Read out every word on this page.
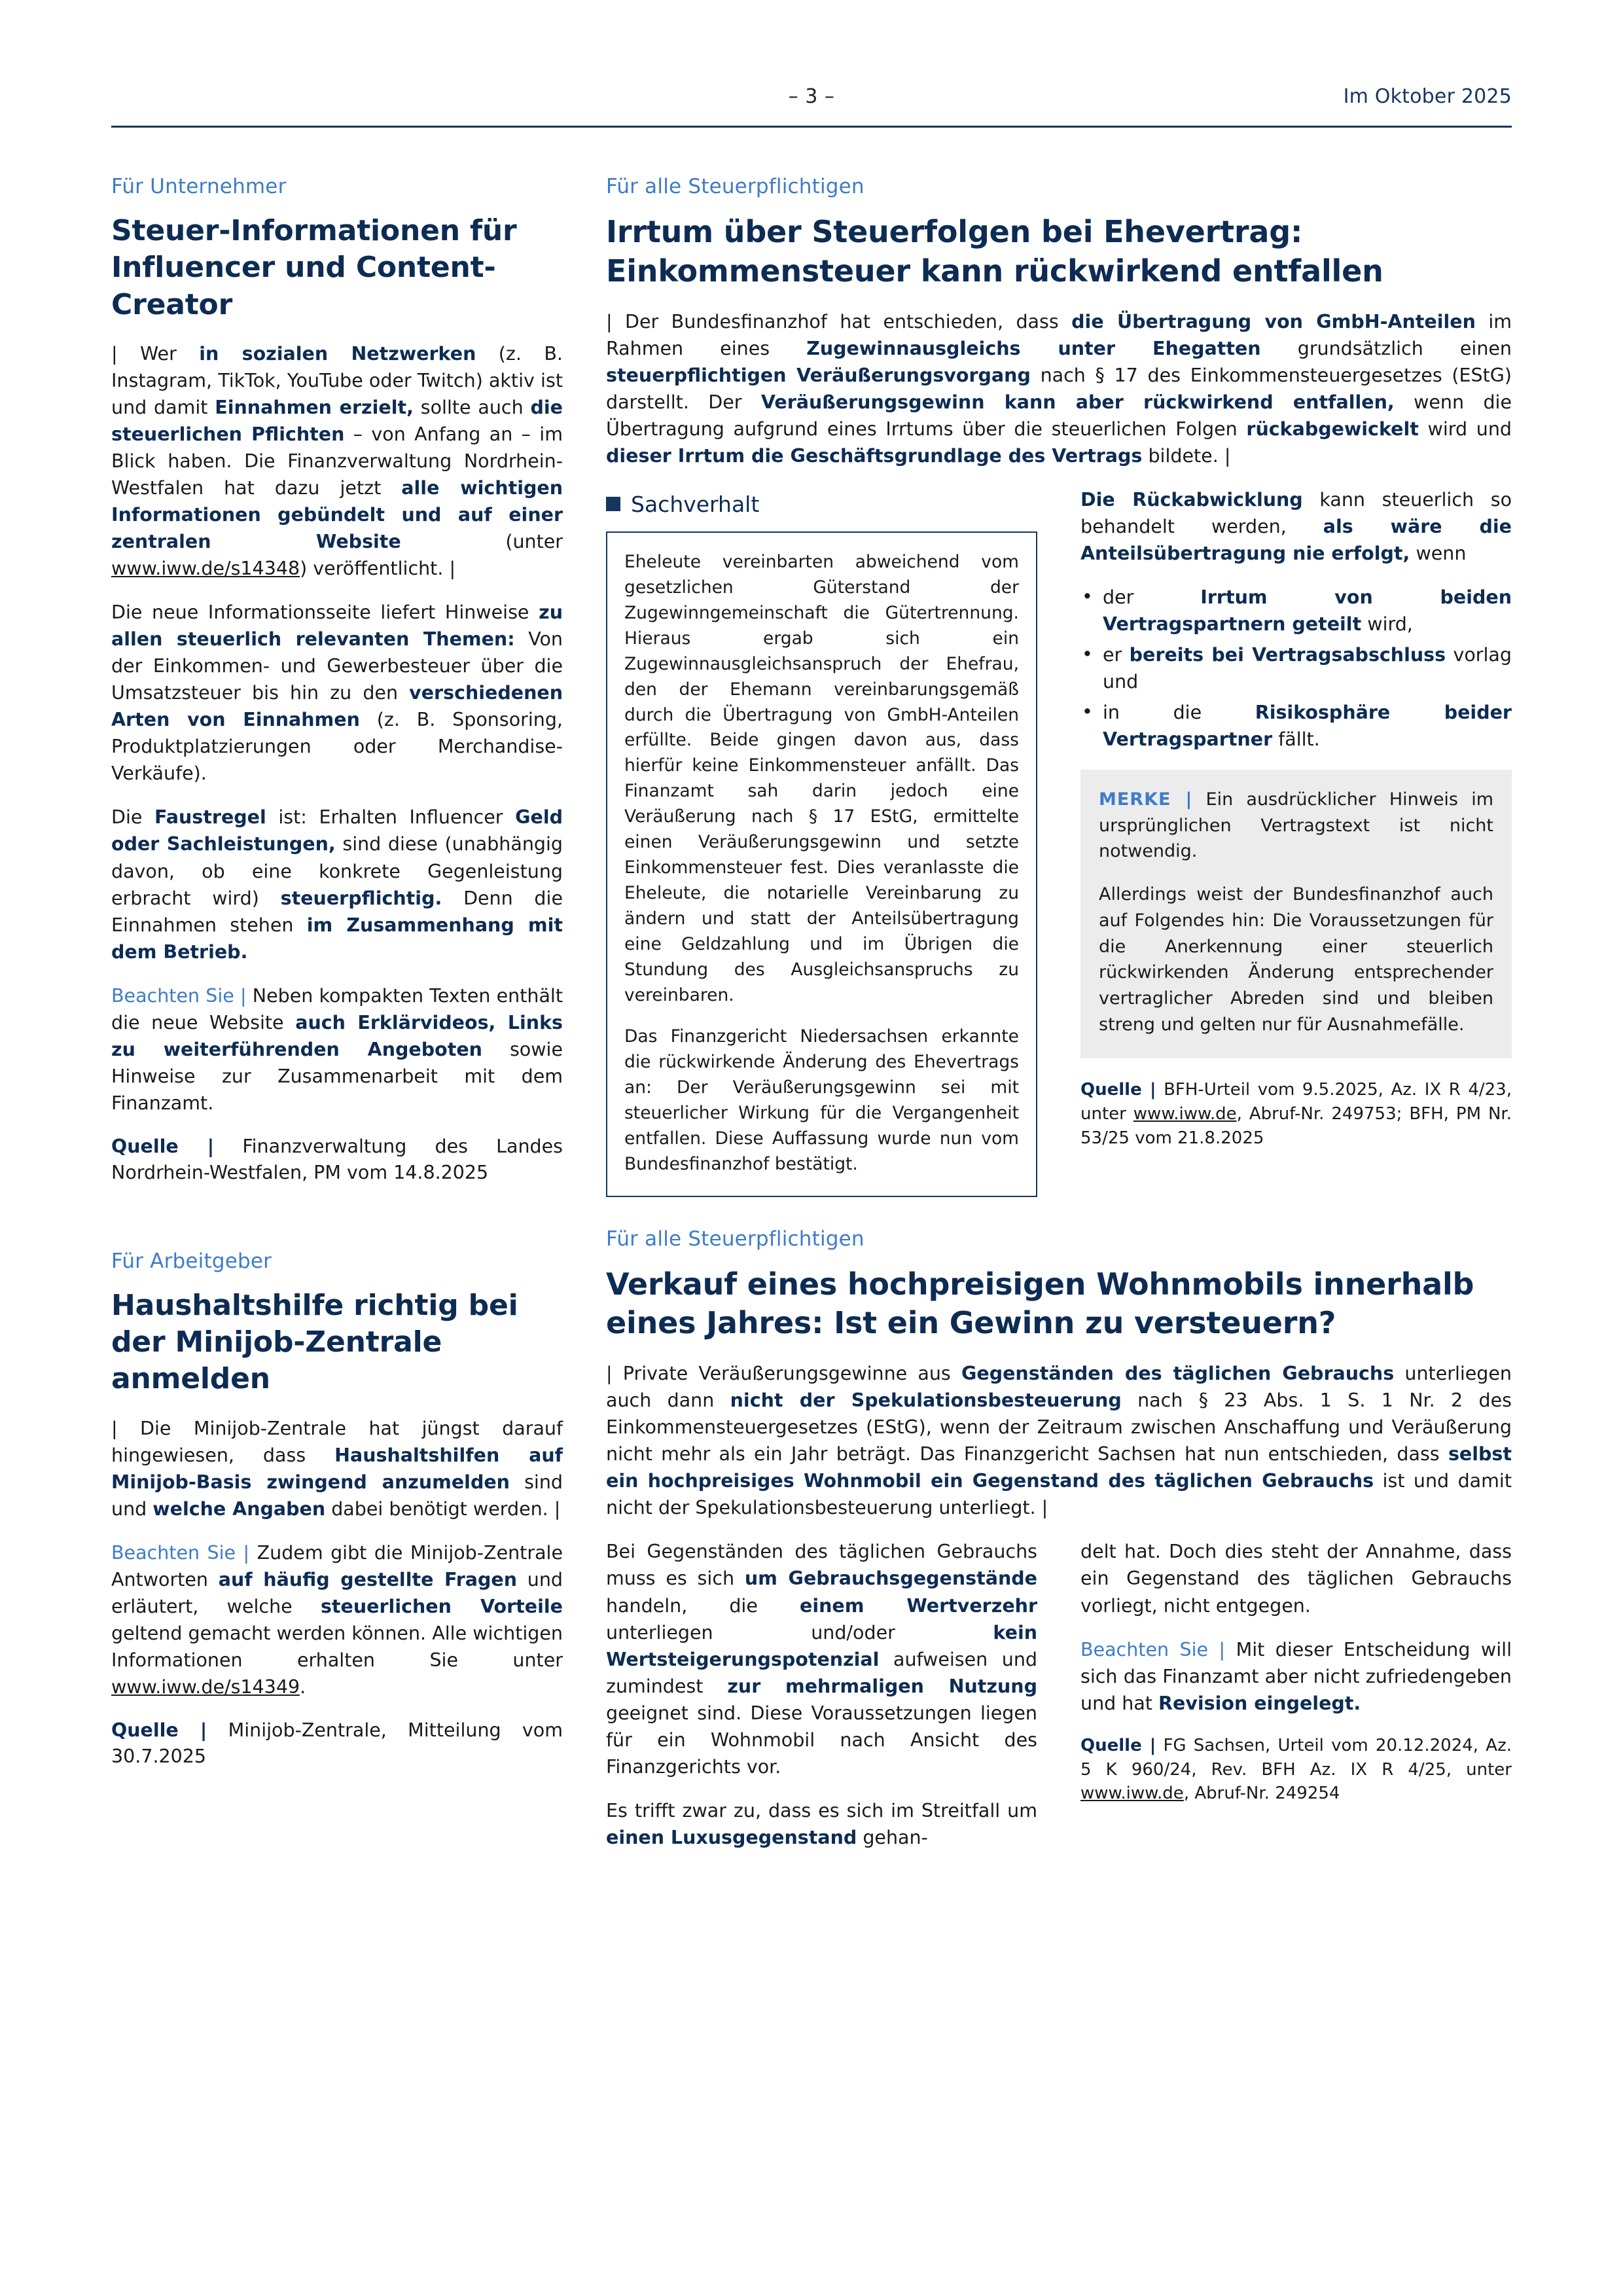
– 3 –	Im Oktober 2025
Für Unternehmer
Steuer-Informationen für Influencer und Content-Creator

| Wer in sozialen Netzwerken (z. B. Instagram, TikTok, YouTube oder Twitch) aktiv ist und damit Einnahmen erzielt, sollte auch die steuerlichen Pflichten – von Anfang an – im Blick haben. Die Finanzverwaltung Nordrhein-Westfalen hat dazu jetzt alle wichtigen Informationen gebündelt und auf einer zentralen Website (unter www.iww.de/s14348) veröffentlicht. |

Die neue Informationsseite liefert Hinweise zu allen steuerlich relevanten Themen: Von der Einkommen- und Gewerbesteuer über die Umsatzsteuer bis hin zu den verschiedenen Arten von Einnahmen (z. B. Sponsoring, Produktplatzierungen oder Merchandise-Verkäufe).

Die Faustregel ist: Erhalten Influencer Geld oder Sachleistungen, sind diese (unabhängig davon, ob eine konkrete Gegenleistung erbracht wird) steuerpflichtig. Denn die Einnahmen stehen im Zusammenhang mit dem Betrieb.

Beachten Sie | Neben kompakten Texten enthält die neue Website auch Erklärvideos, Links zu weiterführenden Angeboten sowie Hinweise zur Zusammenarbeit mit dem Finanzamt.

Quelle | Finanzverwaltung des Landes Nordrhein-Westfalen, PM vom 14.8.2025

Für Arbeitgeber
Haushaltshilfe richtig bei der Minijob-Zentrale anmelden

| Die Minijob-Zentrale hat jüngst darauf hingewiesen, dass Haushaltshilfen auf Minijob-Basis zwingend anzumelden sind und welche Angaben dabei benötigt werden. |

Beachten Sie | Zudem gibt die Minijob-Zentrale Antworten auf häufig gestellte Fragen und erläutert, welche steuerlichen Vorteile geltend gemacht werden können. Alle wichtigen Informationen erhalten Sie unter www.iww.de/s14349.

Quelle | Minijob-Zentrale, Mitteilung vom 30.7.2025

Für alle Steuerpflichtigen
Irrtum über Steuerfolgen bei Ehevertrag: Einkommensteuer kann rückwirkend entfallen

| Der Bundesfinanzhof hat entschieden, dass die Übertragung von GmbH-Anteilen im Rahmen eines Zugewinnausgleichs unter Ehegatten grundsätzlich einen steuerpflichtigen Veräußerungsvorgang nach § 17 des Einkommensteuergesetzes (EStG) darstellt. Der Veräußerungsgewinn kann aber rückwirkend entfallen, wenn die Übertragung aufgrund eines Irrtums über die steuerlichen Folgen rückabgewickelt wird und dieser Irrtum die Geschäftsgrundlage des Vertrags bildete. |

Sachverhalt

Eheleute vereinbarten abweichend vom gesetzlichen Güterstand der Zugewinngemeinschaft die Gütertrennung. Hieraus ergab sich ein Zugewinnausgleichsanspruch der Ehefrau, den der Ehemann vereinbarungsgemäß durch die Übertragung von GmbH-Anteilen erfüllte. Beide gingen davon aus, dass hierfür keine Einkommensteuer anfällt. Das Finanzamt sah darin jedoch eine Veräußerung nach § 17 EStG, ermittelte einen Veräußerungsgewinn und setzte Einkommensteuer fest. Dies veranlasste die Eheleute, die notarielle Vereinbarung zu ändern und statt der Anteilsübertragung eine Geldzahlung und im Übrigen die Stundung des Ausgleichsanspruchs zu vereinbaren.

Das Finanzgericht Niedersachsen erkannte die rückwirkende Änderung des Ehevertrags an: Der Veräußerungsgewinn sei mit steuerlicher Wirkung für die Vergangenheit entfallen. Diese Auffassung wurde nun vom Bundesfinanzhof bestätigt.

Die Rückabwicklung kann steuerlich so behandelt werden, als wäre die Anteilsübertragung nie erfolgt, wenn

• der Irrtum von beiden Vertragspartnern geteilt wird,
• er bereits bei Vertragsabschluss vorlag und
• in die Risikosphäre beider Vertragspartner fällt.

MERKE | Ein ausdrücklicher Hinweis im ursprünglichen Vertragstext ist nicht notwendig.

Allerdings weist der Bundesfinanzhof auch auf Folgendes hin: Die Voraussetzungen für die Anerkennung einer steuerlich rückwirkenden Änderung entsprechender vertraglicher Abreden sind und bleiben streng und gelten nur für Ausnahmefälle.

Quelle | BFH-Urteil vom 9.5.2025, Az. IX R 4/23, unter www.iww.de, Abruf-Nr. 249753; BFH, PM Nr. 53/25 vom 21.8.2025

Für alle Steuerpflichtigen
Verkauf eines hochpreisigen Wohnmobils innerhalb eines Jahres: Ist ein Gewinn zu versteuern?

| Private Veräußerungsgewinne aus Gegenständen des täglichen Gebrauchs unterliegen auch dann nicht der Spekulationsbesteuerung nach § 23 Abs. 1 S. 1 Nr. 2 des Einkommensteuergesetzes (EStG), wenn der Zeitraum zwischen Anschaffung und Veräußerung nicht mehr als ein Jahr beträgt. Das Finanzgericht Sachsen hat nun entschieden, dass selbst ein hochpreisiges Wohnmobil ein Gegenstand des täglichen Gebrauchs ist und damit nicht der Spekulationsbesteuerung unterliegt. |

Bei Gegenständen des täglichen Gebrauchs muss es sich um Gebrauchsgegenstände handeln, die einem Wertverzehr unterliegen und/oder kein Wertsteigerungspotenzial aufweisen und zumindest zur mehrmaligen Nutzung geeignet sind. Diese Voraussetzungen liegen für ein Wohnmobil nach Ansicht des Finanzgerichts vor.

Es trifft zwar zu, dass es sich im Streitfall um einen Luxusgegenstand gehan-

delt hat. Doch dies steht der Annahme, dass ein Gegenstand des täglichen Gebrauchs vorliegt, nicht entgegen.

Beachten Sie | Mit dieser Entscheidung will sich das Finanzamt aber nicht zufriedengeben und hat Revision eingelegt.

Quelle | FG Sachsen, Urteil vom 20.12.2024, Az. 5 K 960/24, Rev. BFH Az. IX R 4/25, unter www.iww.de, Abruf-Nr. 249254
